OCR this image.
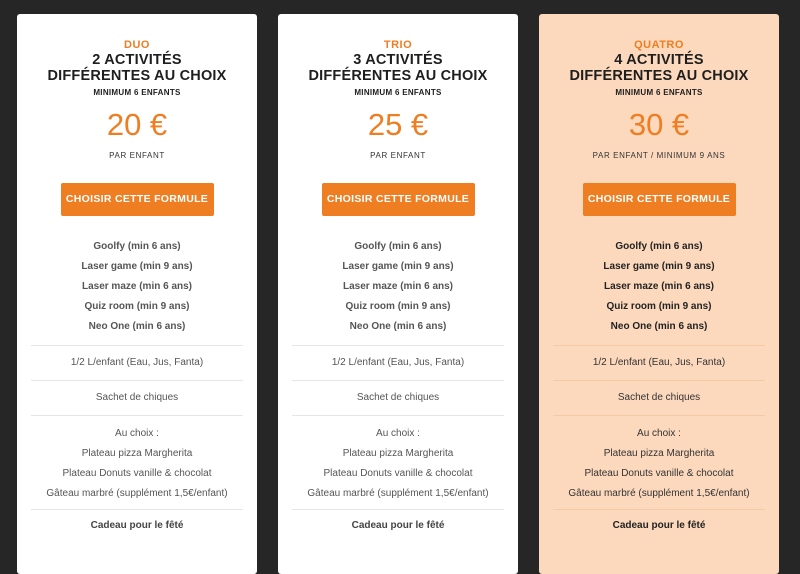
DUO
2 ACTIVITÉS
DIFFÉRENTES AU CHOIX
MINIMUM 6 ENFANTS
20 €
PAR ENFANT
CHOISIR CETTE FORMULE
Goolfy (min 6 ans)
Laser game (min 9 ans)
Laser maze (min 6 ans)
Quiz room (min 9 ans)
Neo One (min 6 ans)
1/2 L/enfant (Eau, Jus, Fanta)
Sachet de chiques
Au choix :
Plateau pizza Margherita
Plateau Donuts vanille & chocolat
Gâteau marbré (supplément 1,5€/enfant)
Cadeau pour le fêté
TRIO
3 ACTIVITÉS
DIFFÉRENTES AU CHOIX
MINIMUM 6 ENFANTS
25 €
PAR ENFANT
CHOISIR CETTE FORMULE
Goolfy (min 6 ans)
Laser game (min 9 ans)
Laser maze (min 6 ans)
Quiz room (min 9 ans)
Neo One (min 6 ans)
1/2 L/enfant (Eau, Jus, Fanta)
Sachet de chiques
Au choix :
Plateau pizza Margherita
Plateau Donuts vanille & chocolat
Gâteau marbré (supplément 1,5€/enfant)
Cadeau pour le fêté
QUATRO
4 ACTIVITÉS
DIFFÉRENTES AU CHOIX
MINIMUM 6 ENFANTS
30 €
PAR ENFANT / MINIMUM 9 ANS
CHOISIR CETTE FORMULE
Goolfy (min 6 ans)
Laser game (min 9 ans)
Laser maze (min 6 ans)
Quiz room (min 9 ans)
Neo One (min 6 ans)
1/2 L/enfant (Eau, Jus, Fanta)
Sachet de chiques
Au choix :
Plateau pizza Margherita
Plateau Donuts vanille & chocolat
Gâteau marbré (supplément 1,5€/enfant)
Cadeau pour le fêté
